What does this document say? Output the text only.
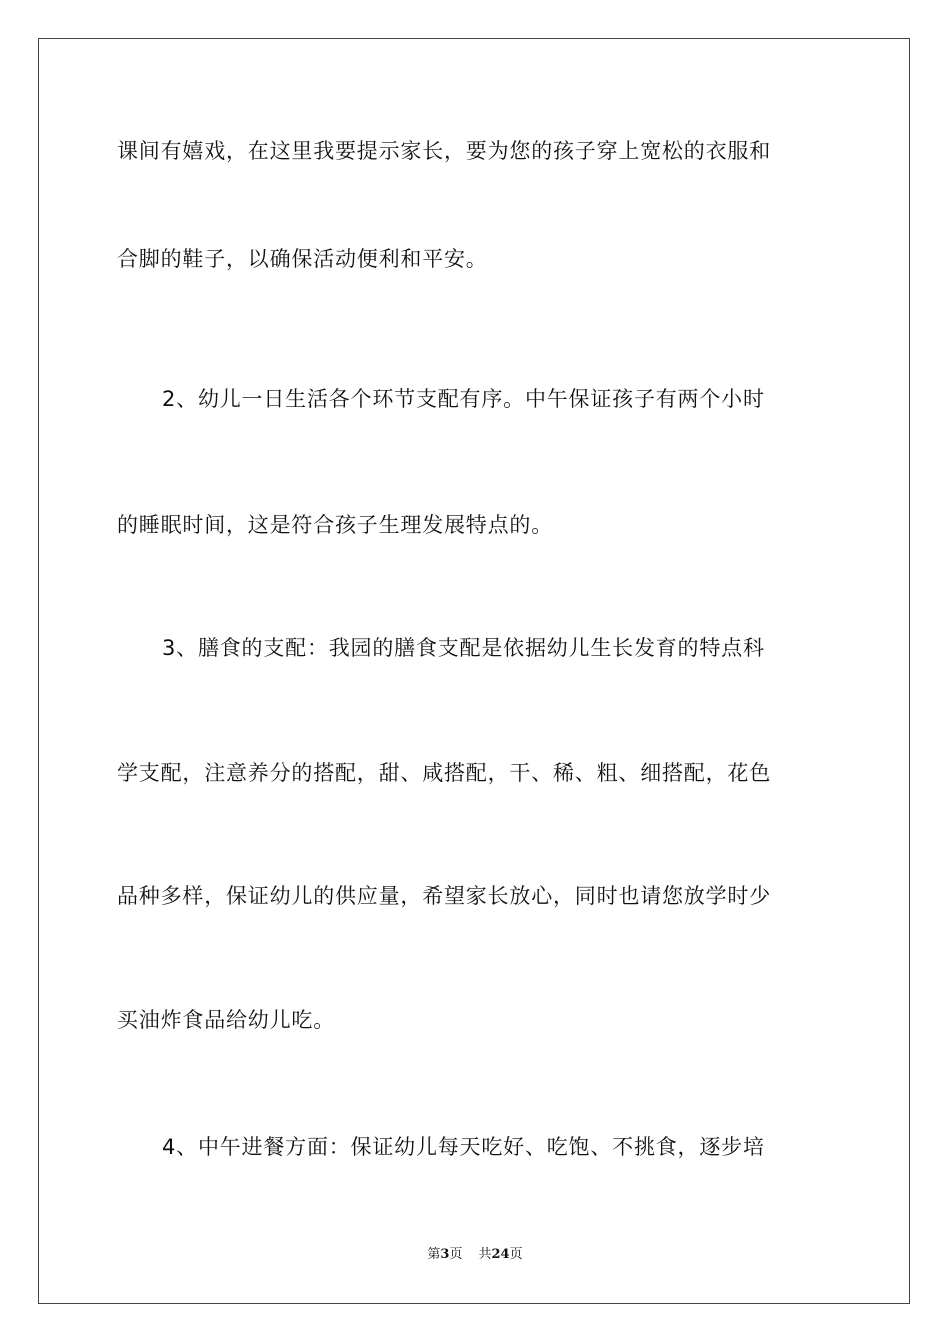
课间有嬉戏，在这里我要提示家长，要为您的孩子穿上宽松的衣服和
合脚的鞋子，以确保活动便利和平安。
2、幼儿一日生活各个环节支配有序。中午保证孩子有两个小时
的睡眠时间，这是符合孩子生理发展特点的。
3、膳食的支配：我园的膳食支配是依据幼儿生长发育的特点科
学支配，注意养分的搭配，甜、咸搭配，干、稀、粗、细搭配，花色
品种多样，保证幼儿的供应量，希望家长放心，同时也请您放学时少
买油炸食品给幼儿吃。
4、中午进餐方面：保证幼儿每天吃好、吃饱、不挑食，逐步培
第3页 共24页
